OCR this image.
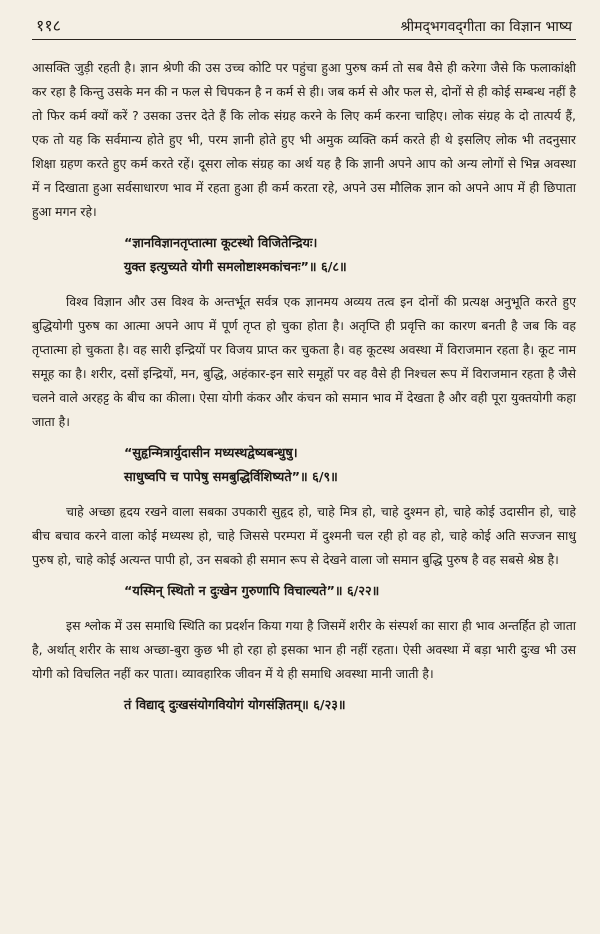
११८	श्रीमद्‌भगवद्‌गीता का विज्ञान भाष्य

आसक्ति जुड़ी रहती है। ज्ञान श्रेणी की उस उच्च कोटि पर पहुंचा हुआ पुरुष कर्म तो सब वैसे ही करेगा जैसे कि फलाकांक्षी कर रहा है किन्तु उसके मन की न फल से चिपकन है न कर्म से ही। जब कर्म से और फल से, दोनों से ही कोई सम्बन्ध नहीं है तो फिर कर्म क्यों करें ? उसका उत्तर देते हैं कि लोक संग्रह करने के लिए कर्म करना चाहिए। लोक संग्रह के दो तात्पर्य हैं, एक तो यह कि सर्वमान्य होते हुए भी, परम ज्ञानी होते हुए भी अमुक व्यक्ति कर्म करते ही थे इसलिए लोक भी तदनुसार शिक्षा ग्रहण करते हुए कर्म करते रहें। दूसरा लोक संग्रह का अर्थ यह है कि ज्ञानी अपने आप को अन्य लोगों से भिन्न अवस्था में न दिखाता हुआ सर्वसाधारण भाव में रहता हुआ ही कर्म करता रहे, अपने उस मौलिक ज्ञान को अपने आप में ही छिपाता हुआ मगन रहे।

“ज्ञानविज्ञानतृप्तात्मा कूटस्थो विजितेन्द्रियः।
युक्त इत्युच्यते योगी समलोष्टाश्मकांचनः”॥ ६/८॥

विश्व विज्ञान और उस विश्व के अन्तर्भूत सर्वत्र एक ज्ञानमय अव्यय तत्व इन दोनों की प्रत्यक्ष अनुभूति करते हुए बुद्धियोगी पुरुष का आत्मा अपने आप में पूर्ण तृप्त हो चुका होता है। अतृप्ति ही प्रवृत्ति का कारण बनती है जब कि वह तृप्तात्मा हो चुकता है। वह सारी इन्द्रियों पर विजय प्राप्त कर चुकता है। वह कूटस्थ अवस्था में विराजमान रहता है। कूट नाम समूह का है। शरीर, दसों इन्द्रियों, मन, बुद्धि, अहंकार-इन सारे समूहों पर वह वैसे ही निश्चल रूप में विराजमान रहता है जैसे चलने वाले अरहट्ट के बीच का कीला। ऐसा योगी कंकर और कंचन को समान भाव में देखता है और वही पूरा युक्तयोगी कहा जाता है।

“सुहृन्मित्रार्युदासीन मध्यस्थद्वेष्यबन्धुषु।
साधुष्वपि च पापेषु समबुद्धिर्विशिष्यते”॥ ६/९॥

चाहे अच्छा हृदय रखने वाला सबका उपकारी सुहृद हो, चाहे मित्र हो, चाहे दुश्मन हो, चाहे कोई उदासीन हो, चाहे बीच बचाव करने वाला कोई मध्यस्थ हो, चाहे जिससे परम्परा में दुश्मनी चल रही हो वह हो, चाहे कोई अति सज्जन साधु पुरुष हो, चाहे कोई अत्यन्त पापी हो, उन सबको ही समान रूप से देखने वाला जो समान बुद्धि पुरुष है वह सबसे श्रेष्ठ है।

“यस्मिन् स्थितो न दुःखेन गुरुणापि विचाल्यते”॥ ६/२२॥

इस श्लोक में उस समाधि स्थिति का प्रदर्शन किया गया है जिसमें शरीर के संस्पर्श का सारा ही भाव अन्तर्हित हो जाता है, अर्थात् शरीर के साथ अच्छा-बुरा कुछ भी हो रहा हो इसका भान ही नहीं रहता। ऐसी अवस्था में बड़ा भारी दुःख भी उस योगी को विचलित नहीं कर पाता। व्यावहारिक जीवन में ये ही समाधि अवस्था मानी जाती है।

तं विद्याद् दुःखसंयोगवियोगं योगसंज्ञितम्॥ ६/२३॥
